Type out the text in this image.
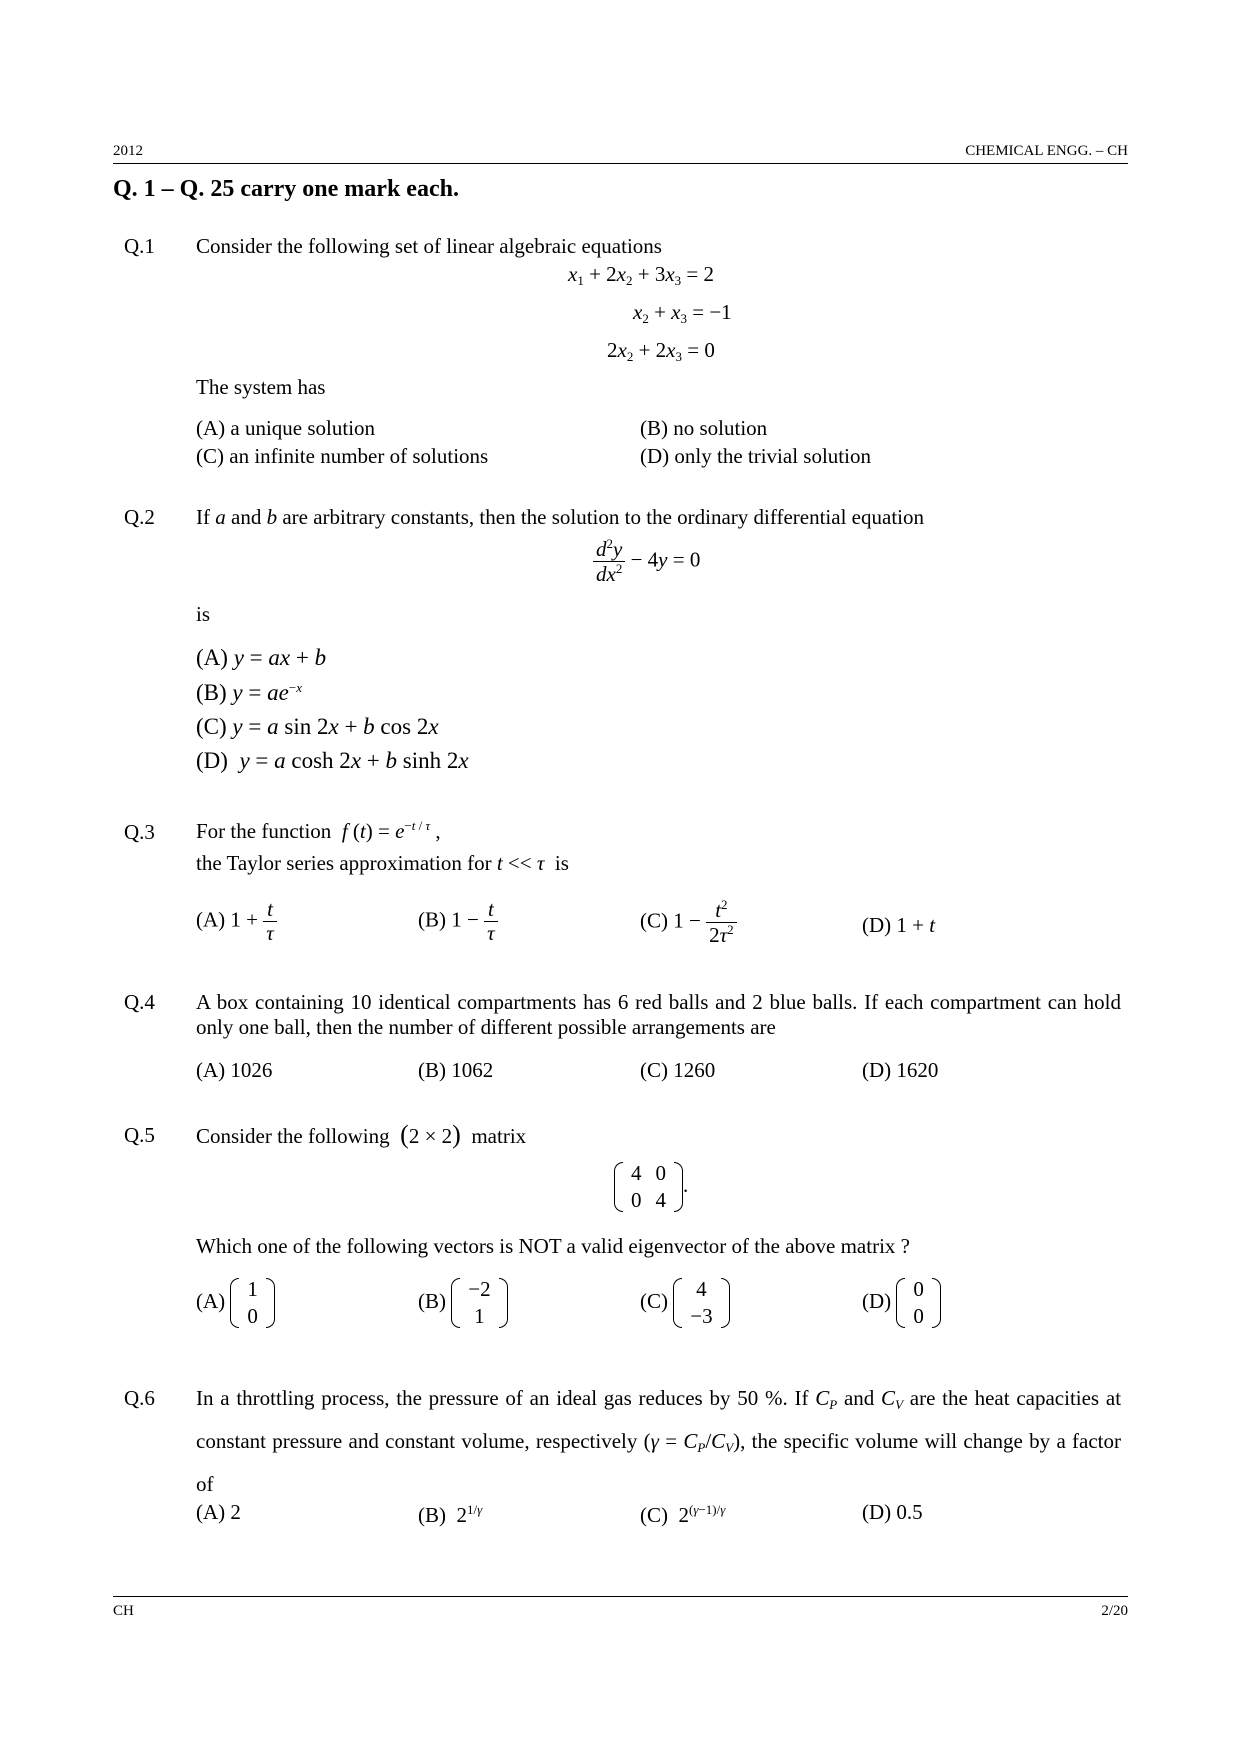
2012	CHEMICAL ENGG. – CH
Q. 1 – Q. 25 carry one mark each.
Q.1 Consider the following set of linear algebraic equations
$x_1 + 2x_2 + 3x_3 = 2$
$x_2 + x_3 = -1$
$2x_2 + 2x_3 = 0$
The system has
(A) a unique solution	(B) no solution
(C) an infinite number of solutions	(D) only the trivial solution
Q.2 If a and b are arbitrary constants, then the solution to the ordinary differential equation
$\frac{d^2y}{dx^2} - 4y = 0$
is
(A) y = ax + b
(B) $y = ae^{-x}$
(C) y = a sin 2x + b cos 2x
(D) y = a cosh 2x + b sinh 2x
Q.3 For the function f $(t) = e^{-t / \tau}$ ,
the Taylor series approximation for t << τ is
(A) $1 + \frac{t}{\tau}$	(B) $1 - \frac{t}{\tau}$	(C) $1 - \frac{t^2}{2\tau^2}$	(D) 1 + t
Q.4 A box containing 10 identical compartments has 6 red balls and 2 blue balls. If each compartment can hold only one ball, then the number of different possible arrangements are
(A) 1026	(B) 1062	(C) 1260	(D) 1620
Q.5 Consider the following (2 × 2) matrix
4	0
0	4
.
Which one of the following vectors is NOT a valid eigenvector of the above matrix ?
(A) 1
0
(B) −2
1
(C) 4
−3
(D) 0
0
Q.6 In a throttling process, the pressure of an ideal gas reduces by 50 %. If $C_P$ and $C_V$ are the heat capacities at constant pressure and constant volume, respectively $(\gamma = C_P/C_V)$, the specific volume will change by a factor of
(A) 2	(B)  $2^{1/\gamma}$	(C)  $2^{(\gamma-1)/\gamma}$	(D) 0.5
CH	2/20
